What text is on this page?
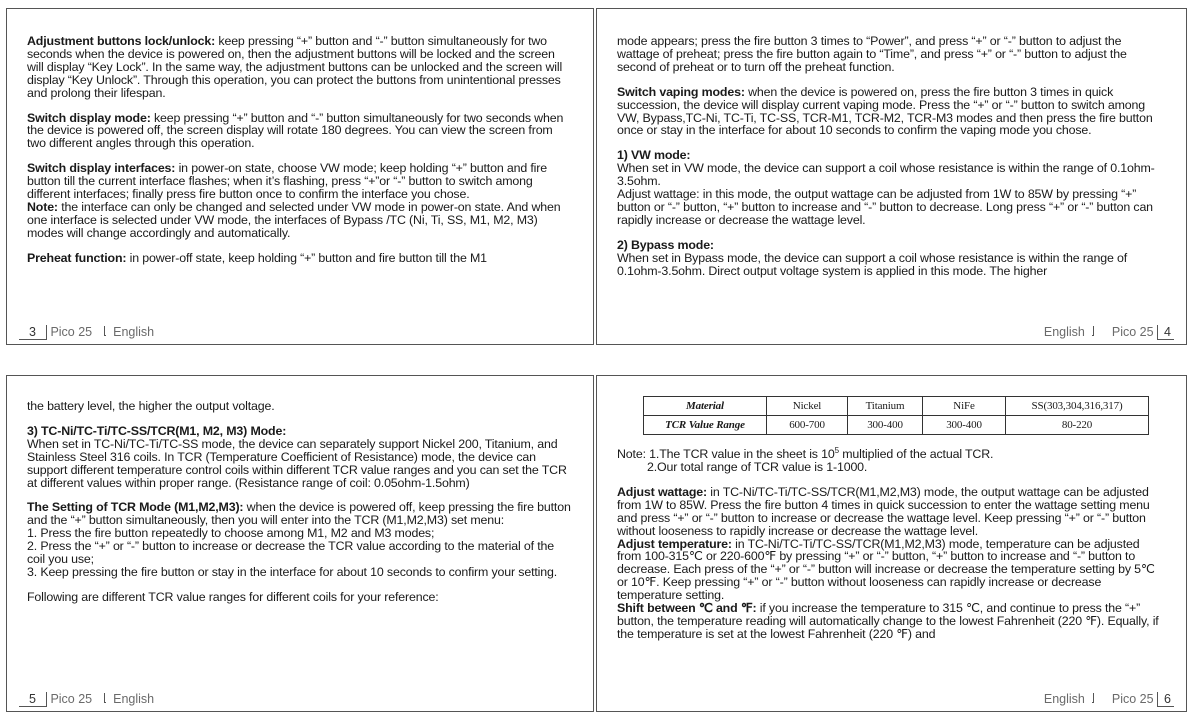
Adjustment buttons lock/unlock: keep pressing “+” button and “-” button simultaneously for two seconds when the device is powered on, then the adjustment buttons will be locked and the screen will display “Key Lock”. In the same way, the adjustment buttons can be unlocked and the screen will display “Key Unlock”. Through this operation, you can protect the buttons from unintentional presses and prolong their lifespan.

Switch display mode: keep pressing “+” button and “-” button simultaneously for two seconds when the device is powered off, the screen display will rotate 180 degrees. You can view the screen from two different angles through this operation.

Switch display interfaces: in power-on state, choose VW mode; keep holding “+” button and fire button till the current interface flashes; when it’s flashing, press “+”or “-” button to switch among different interfaces; finally press fire button once to confirm the interface you chose.

Note: the interface can only be changed and selected under VW mode in power-on state. And when one interface is selected under VW mode, the interfaces of Bypass /TC (Ni, Ti, SS, M1, M2, M3) modes will change accordingly and automatically.

Preheat function: in power-off state, keep holding “+” button and fire button till the M1

3 Pico 25 English

mode appears; press the fire button 3 times to “Power”, and press “+” or “-” button to adjust the wattage of preheat; press the fire button again to “Time”, and press “+” or “-” button to adjust the second of preheat or to turn off the preheat function.

Switch vaping modes: when the device is powered on, press the fire button 3 times in quick succession, the device will display current vaping mode. Press the “+” or “-” button to switch among VW, Bypass,TC-Ni, TC-Ti, TC-SS, TCR-M1, TCR-M2, TCR-M3 modes and then press the fire button once or stay in the interface for about 10 seconds to confirm the vaping mode you chose.

1) VW mode:
When set in VW mode, the device can support a coil whose resistance is within the range of 0.1ohm-3.5ohm.

Adjust wattage: in this mode, the output wattage can be adjusted from 1W to 85W by pressing “+” button or “-” button, “+” button to increase and “-” button to decrease. Long press “+” or “-” button can rapidly increase or decrease the wattage level.

2) Bypass mode:
When set in Bypass mode, the device can support a coil whose resistance is within the range of 0.1ohm-3.5ohm. Direct output voltage system is applied in this mode. The higher
English Pico 25 4

the battery level, the higher the output voltage.

3) TC-Ni/TC-Ti/TC-SS/TCR(M1, M2, M3) Mode:

When set in TC-Ni/TC-Ti/TC-SS mode, the device can separately support Nickel 200, Titanium, and Stainless Steel 316 coils. In TCR (Temperature Coefficient of Resistance) mode, the device can support different temperature control coils within different TCR value ranges and you can set the TCR at different values within proper range. (Resistance range of coil: 0.05ohm-1.5ohm)

The Setting of TCR Mode (M1,M2,M3): when the device is powered off, keep pressing the fire button and the “+” button simultaneously, then you will enter into the TCR (M1,M2,M3) set menu:
1. Press the fire button repeatedly to choose among M1, M2 and M3 modes;
2. Press the “+” or “-” button to increase or decrease the TCR value according to the material of the coil you use;

3. Keep pressing the fire button or stay in the interface for about 10 seconds to confirm your setting.

Following are different TCR value ranges for different coils for your reference:

5 Pico 25 English
Material	Nickel	Titanium	NiFe	SS(303,304,316,317)
TCR Value Range	600-700	300-400	300-400	80-220
Note: 1.The TCR value in the sheet is $10^5$ multiplied of the actual TCR.

2.Our total range of TCR value is 1-1000.

Adjust wattage: in TC-Ni/TC-Ti/TC-SS/TCR(M1,M2,M3) mode, the output wattage can be adjusted from 1W to 85W. Press the fire button 4 times in quick succession to enter the wattage setting menu and press “+” or “-” button to increase or decrease the wattage level. Keep pressing “+” or “-” button without looseness to rapidly increase or decrease the wattage level.
Adjust temperature: in TC-Ni/TC-Ti/TC-SS/TCR(M1,M2,M3) mode, temperature can be adjusted from 100-315℃ or 220-600℉ by pressing “+” or “-” button, “+” button to increase and “-” button to decrease. Each press of the “+” or “-” button will increase or decrease the temperature setting by 5℃ or 10℉. Keep pressing “+” or “-” button without looseness can rapidly increase or decrease temperature setting.
Shift between ℃ and ℉: if you increase the temperature to 315 ℃, and continue to press the “+” button, the temperature reading will automatically change to the lowest Fahrenheit (220 ℉). Equally, if the temperature is set at the lowest Fahrenheit (220 ℉) and
English Pico 25 6
